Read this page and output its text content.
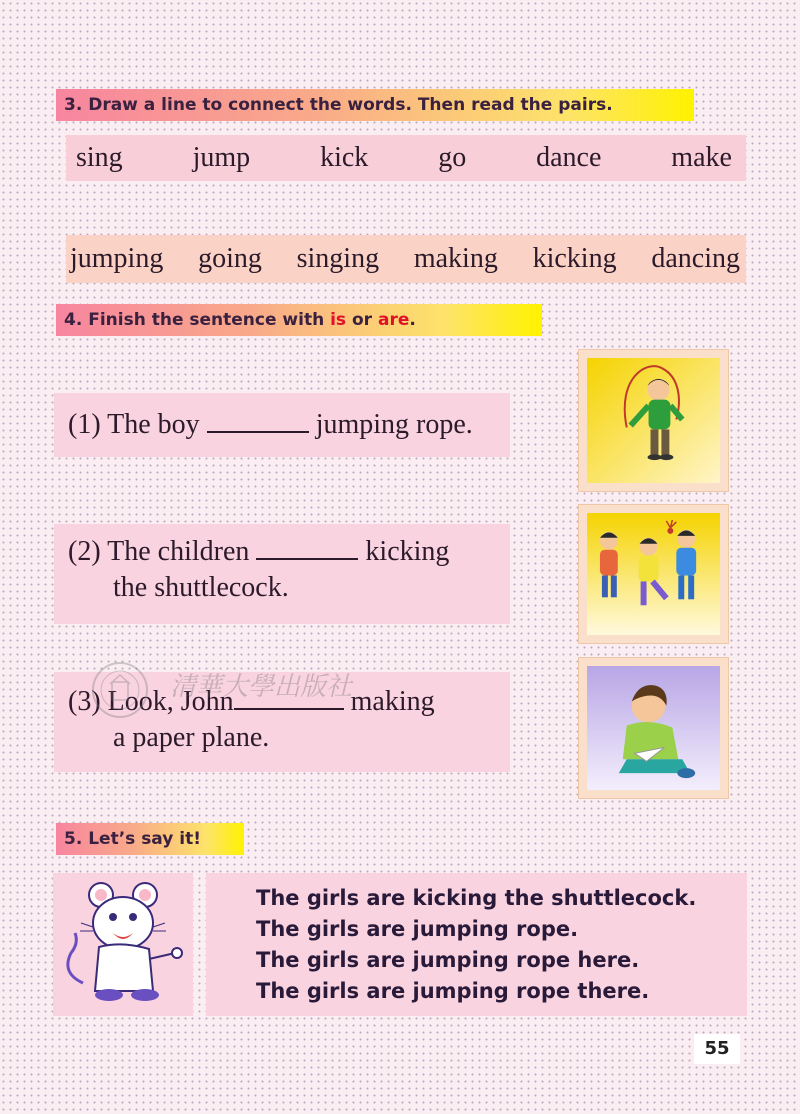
3. Draw a line to connect the words. Then read the pairs.
sing jump kick go dance make
jumping going singing making kicking dancing
4. Finish the sentence with is or are.
(1) The boy	jumping rope.
(2) The children	kicking
the shuttlecock.
(3) Look, John	making
a paper plane.
清華大學出版社
5. Let’s say it!
The girls are kicking the shuttlecock.
The girls are jumping rope.
The girls are jumping rope here.
The girls are jumping rope there.
55
